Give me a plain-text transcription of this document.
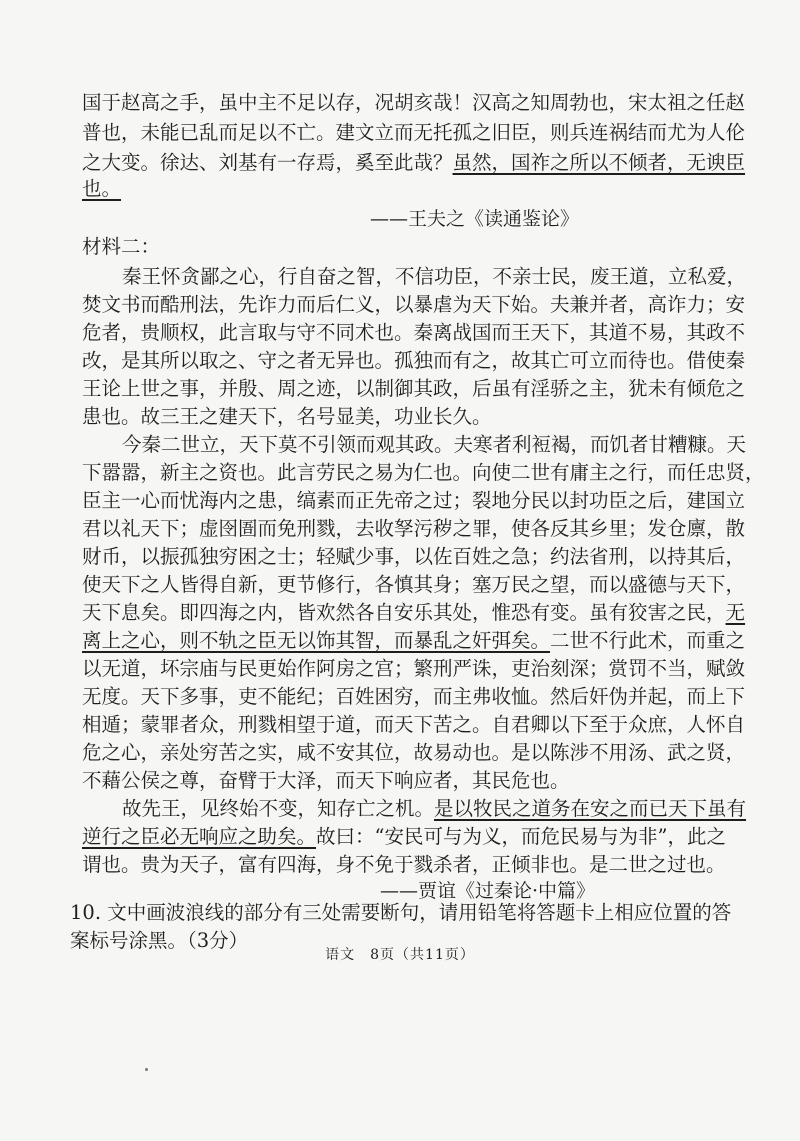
国于赵高之手，虽中主不足以存，况胡亥哉！汉高之知周勃也，宋太祖之任赵
普也，未能已乱而足以不亡。建文立而无托孤之旧臣，则兵连祸结而尤为人伦
之大变。徐达、刘基有一存焉，奚至此哉？虽然，国祚之所以不倾者，无谀臣
也。
——王夫之《读通鉴论》
材料二：
秦王怀贪鄙之心，行自奋之智，不信功臣，不亲士民，废王道，立私爱，
焚文书而酷刑法，先诈力而后仁义，以暴虐为天下始。夫兼并者，高诈力；安
危者，贵顺权，此言取与守不同术也。秦离战国而王天下，其道不易，其政不
改，是其所以取之、守之者无异也。孤独而有之，故其亡可立而待也。借使秦
王论上世之事，并殷、周之迹，以制御其政，后虽有淫骄之主，犹未有倾危之
患也。故三王之建天下，名号显美，功业长久。
今秦二世立，天下莫不引领而观其政。夫寒者利裋褐，而饥者甘糟糠。天
下嚣嚣，新主之资也。此言劳民之易为仁也。向使二世有庸主之行，而任忠贤，
臣主一心而忧海内之患，缟素而正先帝之过；裂地分民以封功臣之后，建国立
君以礼天下；虚囹圄而免刑戮，去收孥污秽之罪，使各反其乡里；发仓廪，散
财币，以振孤独穷困之士；轻赋少事，以佐百姓之急；约法省刑，以持其后，
使天下之人皆得自新，更节修行，各慎其身；塞万民之望，而以盛德与天下，
天下息矣。即四海之内，皆欢然各自安乐其处，惟恐有变。虽有狡害之民，无
离上之心，则不轨之臣无以饰其智，而暴乱之奸弭矣。二世不行此术，而重之
以无道，坏宗庙与民更始作阿房之宫；繁刑严诛，吏治刻深；赏罚不当，赋敛
无度。天下多事，吏不能纪；百姓困穷，而主弗收恤。然后奸伪并起，而上下
相遁；蒙罪者众，刑戮相望于道，而天下苦之。自君卿以下至于众庶，人怀自
危之心，亲处穷苦之实，咸不安其位，故易动也。是以陈涉不用汤、武之贤，
不藉公侯之尊，奋臂于大泽，而天下响应者，其民危也。
故先王，见终始不变，知存亡之机。是以牧民之道务在安之而已天下虽有
逆行之臣必无响应之助矣。故曰：“安民可与为义，而危民易与为非”，此之
谓也。贵为天子，富有四海，身不免于戮杀者，正倾非也。是二世之过也。
——贾谊《过秦论·中篇》
10. 文中画波浪线的部分有三处需要断句，请用铅笔将答题卡上相应位置的答
案标号涂黑。（3分）
语文　8页（共11页）
